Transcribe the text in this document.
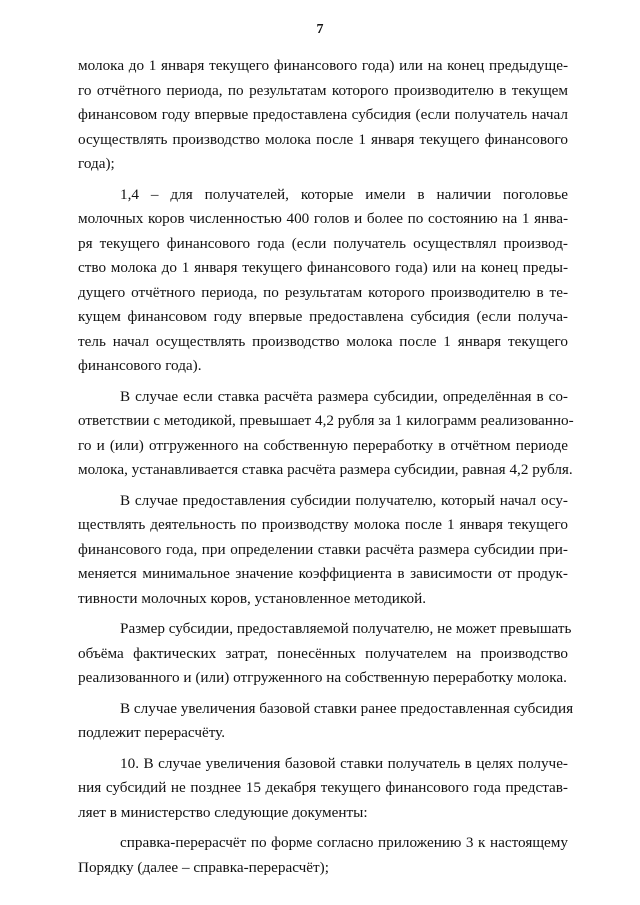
7

молока до 1 января текущего финансового года) или на конец предыдуще-
го отчётного периода, по результатам которого производителю в текущем
финансовом году впервые предоставлена субсидия (если получатель начал
осуществлять производство молока после 1 января текущего финансового
года);

1,4 – для получателей, которые имели в наличии поголовье
молочных коров численностью 400 голов и более по состоянию на 1 янва-
ря текущего финансового года (если получатель осуществлял производ-
ство молока до 1 января текущего финансового года) или на конец преды-
дущего отчётного периода, по результатам которого производителю в те-
кущем финансовом году впервые предоставлена субсидия (если получа-
тель начал осуществлять производство молока после 1 января текущего
финансового года).

В случае если ставка расчёта размера субсидии, определённая в со-
ответствии с методикой, превышает 4,2 рубля за 1 килограмм реализованно-
го и (или) отгруженного на собственную переработку в отчётном периоде
молока, устанавливается ставка расчёта размера субсидии, равная 4,2 рубля.

В случае предоставления субсидии получателю, который начал осу-
ществлять деятельность по производству молока после 1 января текущего
финансового года, при определении ставки расчёта размера субсидии при-
меняется минимальное значение коэффициента в зависимости от продук-
тивности молочных коров, установленное методикой.

Размер субсидии, предоставляемой получателю, не может превышать
объёма фактических затрат, понесённых получателем на производство
реализованного и (или) отгруженного на собственную переработку молока.

В случае увеличения базовой ставки ранее предоставленная субсидия
подлежит перерасчёту.

10. В случае увеличения базовой ставки получатель в целях получе-
ния субсидий не позднее 15 декабря текущего финансового года представ-
ляет в министерство следующие документы:

справка-перерасчёт по форме согласно приложению 3 к настоящему
Порядку (далее – справка-перерасчёт);
